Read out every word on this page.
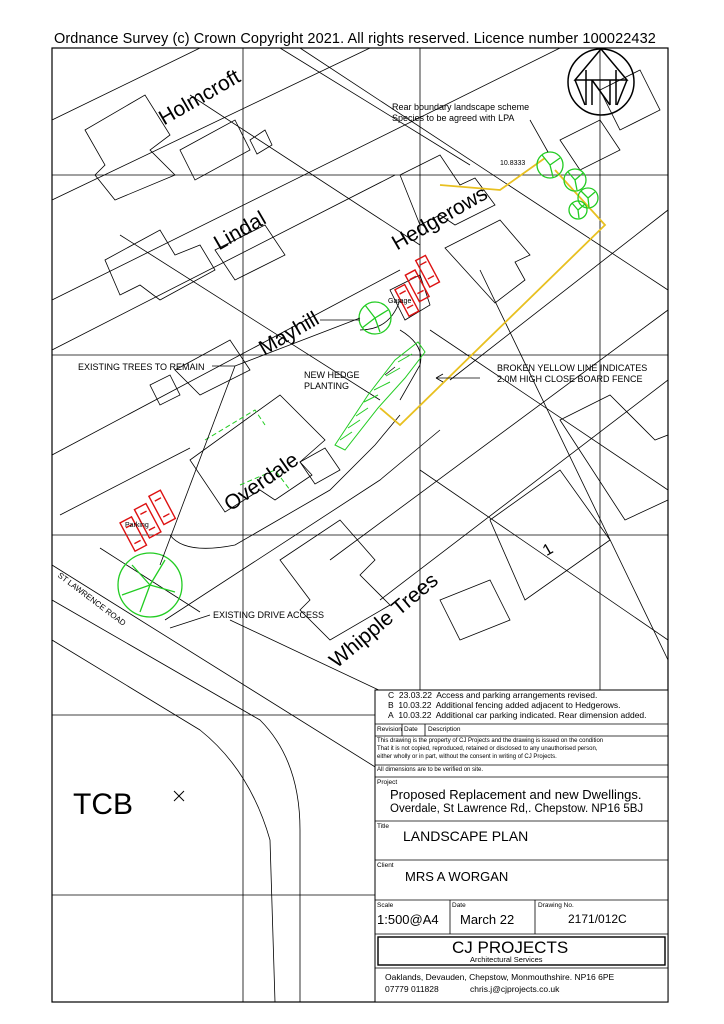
Ordnance Survey (c) Crown Copyright 2021. All rights reserved. Licence number 100022432
Holmcroft
Lindal
Mayhill
Hedgerows
Overdale
Whipple Trees
1
ST LAWRENCE ROAD
TCB
Rear boundary landscape scheme
Species to be agreed with LPA
10.8333
EXISTING TREES TO REMAIN
NEW HEDGE
PLANTING
BROKEN YELLOW LINE INDICATES
2.0M HIGH CLOSE BOARD FENCE
EXISTING DRIVE ACCESS
Garage
Parking
C 23.03.22 Access and parking arrangements revised.
B 10.03.22 Additional fencing added adjacent to Hedgerows.
A 10.03.22 Additional car parking indicated. Rear dimension added.
Revision Date Description
This drawing is the property of CJ Projects and the drawing is issued on the condition
That it is not copied, reproduced, retained or disclosed to any unauthorised person,
either wholly or in part, without the consent in writing of CJ Projects.
All dimensions are to be verified on site.
Project
Proposed Replacement and new Dwellings.
Overdale, St Lawrence Rd,. Chepstow. NP16 5BJ
Title
LANDSCAPE PLAN
Client
MRS A WORGAN
Scale
1:500@A4
Date
March 22
Drawing No.
2171/012C
CJ PROJECTS
Architectural Services
Oaklands, Devauden, Chepstow, Monmouthshire. NP16 6PE
07779 011828	chris.j@cjprojects.co.uk
